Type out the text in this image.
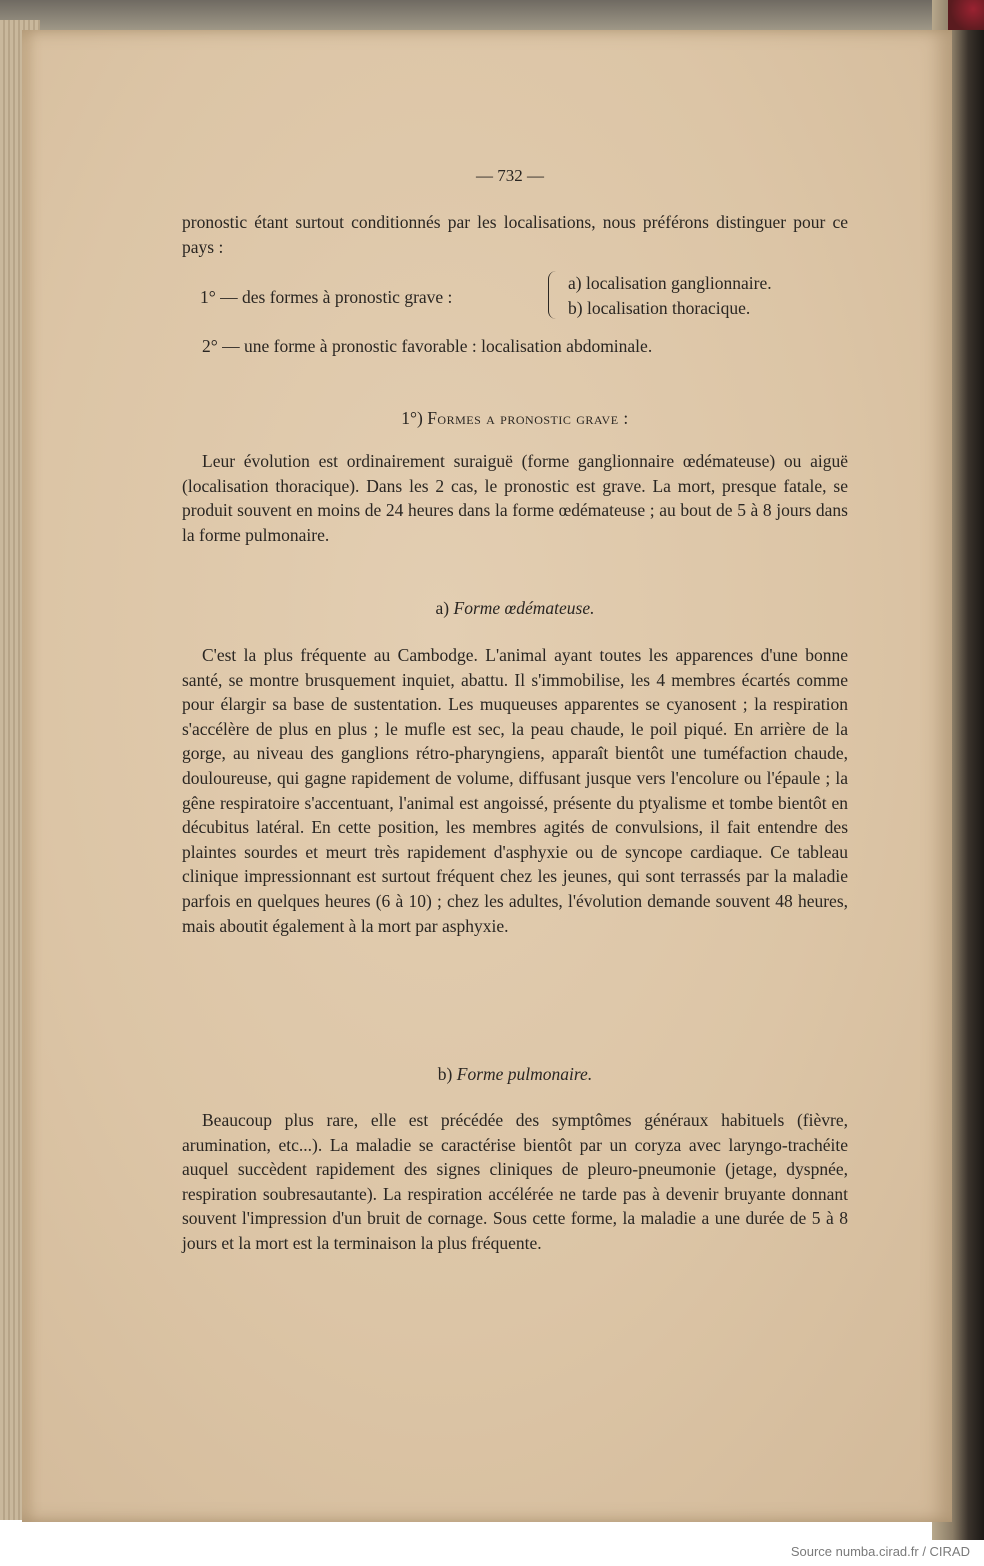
— 732 —

pronostic étant surtout conditionnés par les localisations, nous préférons distinguer pour ce pays :

1° — des formes à pronostic grave :
a) localisation ganglionnaire.
b) localisation thoracique.
2° — une forme à pronostic favorable : localisation abdominale.
1°) Formes a pronostic grave :

Leur évolution est ordinairement suraiguë (forme ganglionnaire œdémateuse) ou aiguë (localisation thoracique). Dans les 2 cas, le pronostic est grave. La mort, presque fatale, se produit souvent en moins de 24 heures dans la forme œdémateuse ; au bout de 5 à 8 jours dans la forme pulmonaire.

a) Forme œdémateuse.

C'est la plus fréquente au Cambodge. L'animal ayant toutes les apparences d'une bonne santé, se montre brusquement inquiet, abattu. Il s'immobilise, les 4 membres écartés comme pour élargir sa base de sustentation. Les muqueuses apparentes se cyanosent ; la respiration s'accélère de plus en plus ; le mufle est sec, la peau chaude, le poil piqué. En arrière de la gorge, au niveau des ganglions rétro-pharyngiens, apparaît bientôt une tuméfaction chaude, douloureuse, qui gagne rapidement de volume, diffusant jusque vers l'encolure ou l'épaule ; la gêne respiratoire s'accentuant, l'animal est angoissé, présente du ptyalisme et tombe bientôt en décubitus latéral. En cette position, les membres agités de convulsions, il fait entendre des plaintes sourdes et meurt très rapidement d'asphyxie ou de syncope cardiaque. Ce tableau clinique impressionnant est surtout fréquent chez les jeunes, qui sont terrassés par la maladie parfois en quelques heures (6 à 10) ; chez les adultes, l'évolution demande souvent 48 heures, mais aboutit également à la mort par asphyxie.

b) Forme pulmonaire.

Beaucoup plus rare, elle est précédée des symptômes généraux habituels (fièvre, arumination, etc...). La maladie se caractérise bientôt par un coryza avec laryngo-trachéite auquel succèdent rapidement des signes cliniques de pleuro-pneumonie (jetage, dyspnée, respiration soubresautante). La respiration accélérée ne tarde pas à devenir bruyante donnant souvent l'impression d'un bruit de cornage. Sous cette forme, la maladie a une durée de 5 à 8 jours et la mort est la terminaison la plus fréquente.

Source numba.cirad.fr / CIRAD
